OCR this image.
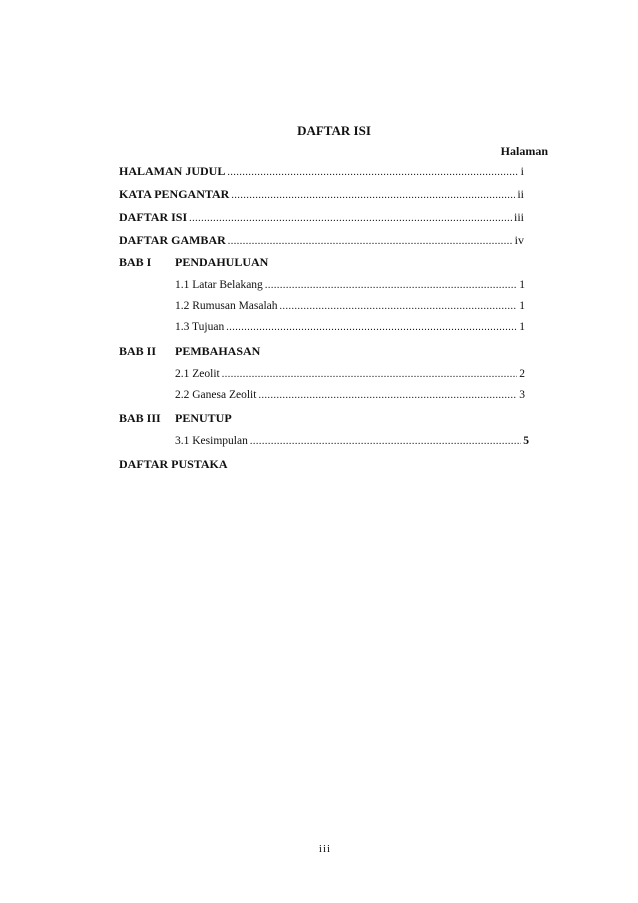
DAFTAR ISI
Halaman
HALAMAN JUDUL .....	i
KATA PENGANTAR .....	ii
DAFTAR ISI .....	iii
DAFTAR GAMBAR .....	iv
BAB I	PENDAHULUAN
1.1 Latar Belakang .....	1
1.2 Rumusan Masalah .....	1
1.3 Tujuan .....	1
BAB II	PEMBAHASAN
2.1 Zeolit .....	2
2.2 Ganesa Zeolit .....	3
BAB III	PENUTUP
3.1 Kesimpulan .....	5
DAFTAR PUSTAKA
iii
